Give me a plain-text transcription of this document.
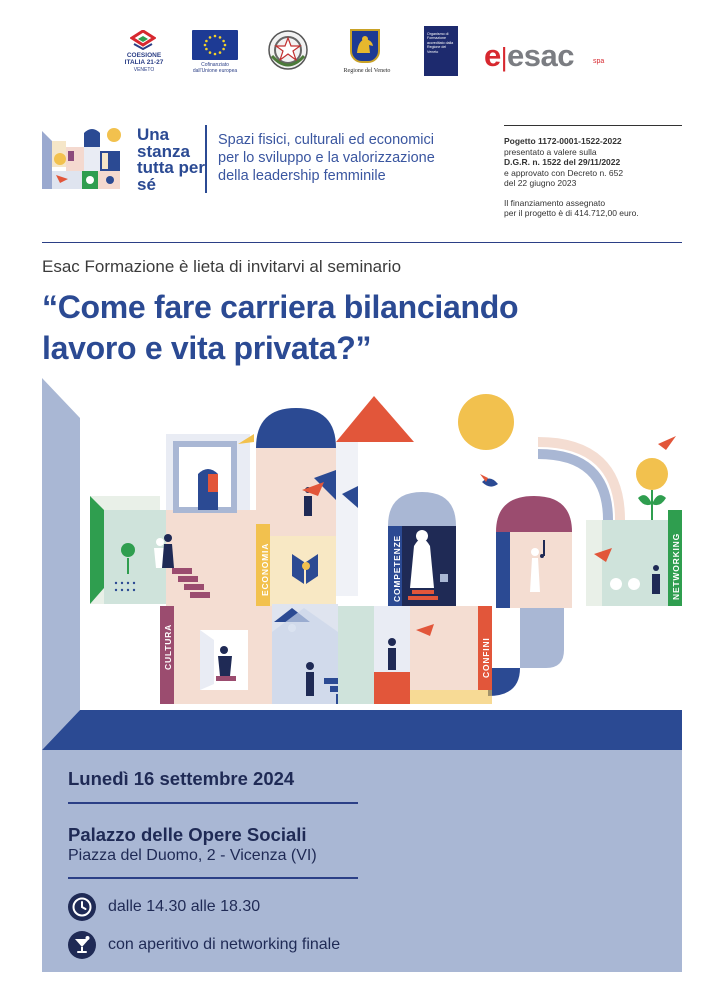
COESIONE ITALIA 21-27
VENETO
Cofinanziato dall'Unione europea	Regione del Veneto
Organismo di Formazione accreditato dalla Regione del Veneto	e|esac	spa
Una stanza tutta per sé
Spazi fisici, culturali ed economici
per lo sviluppo e la valorizzazione
della leadership femminile
Pogetto 1172-0001-1522-2022
presentato a valere sulla
D.G.R. n. 1522 del 29/11/2022
e approvato con Decreto n. 652
del 22 giugno 2023
Il finanziamento assegnato
per il progetto è di 414.712,00 euro.
Esac Formazione è lieta di invitarvi al seminario
“Come fare carriera bilanciando
lavoro e vita privata?”
ECONOMIA	COMPETENZE	NETWORKING
CULTURA	CONFINI
Lunedì 16 settembre 2024
Palazzo delle Opere Sociali
Piazza del Duomo, 2 - Vicenza (VI)
dalle 14.30 alle 18.30
con aperitivo di networking finale
